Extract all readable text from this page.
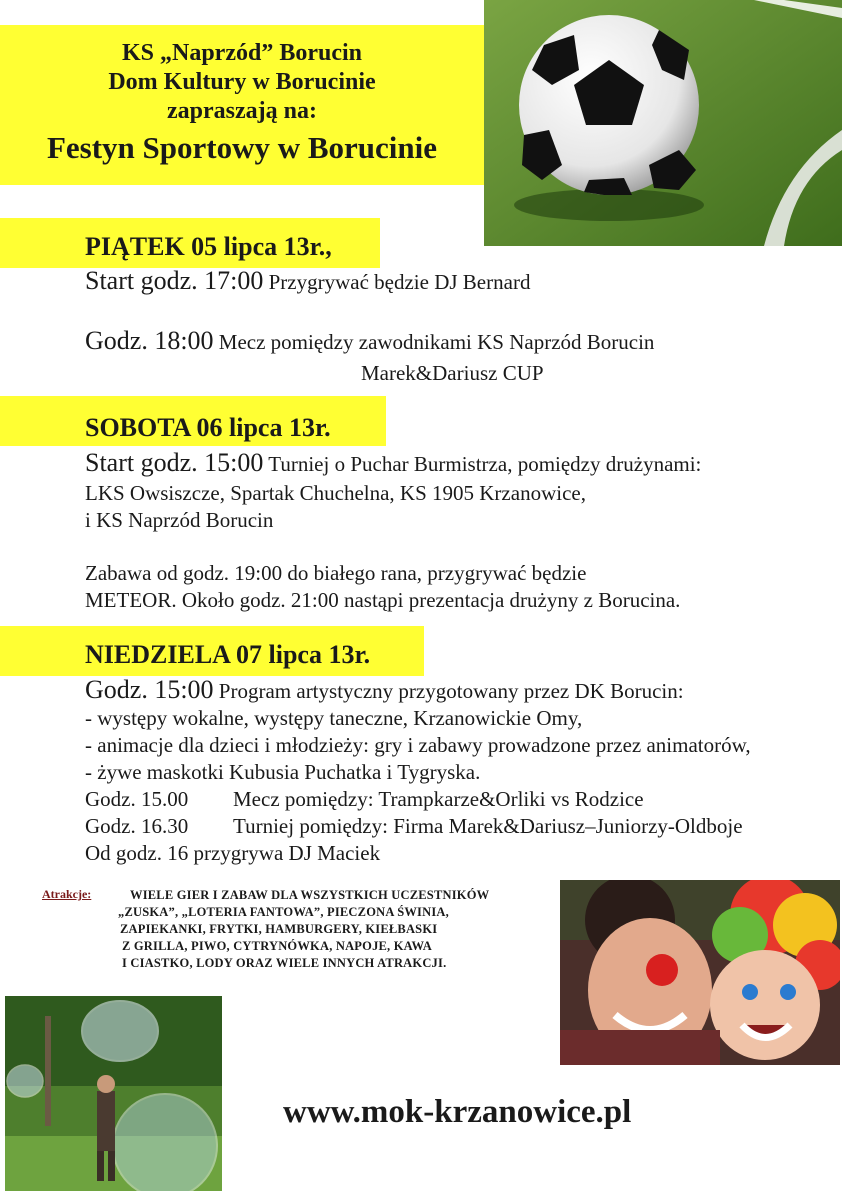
KS „Naprzód” Borucin
Dom Kultury w Borucinie
zapraszają na:
Festyn Sportowy w Borucinie
PIĄTEK 05 lipca 13r.,
Start godz. 17:00 Przygrywać będzie DJ Bernard
Godz. 18:00 Mecz pomiędzy zawodnikami KS Naprzód Borucin
Marek&Dariusz CUP
SOBOTA 06 lipca 13r.
Start godz. 15:00 Turniej o Puchar Burmistrza, pomiędzy drużynami:
LKS Owsiszcze, Spartak Chuchelna, KS 1905 Krzanowice,
i KS Naprzód Borucin
Zabawa od godz. 19:00 do białego rana, przygrywać będzie
METEOR. Około godz. 21:00 nastąpi prezentacja drużyny z Borucina.
NIEDZIELA 07 lipca 13r.
Godz. 15:00 Program artystyczny przygotowany przez DK Borucin:
- występy wokalne, występy taneczne, Krzanowickie Omy,
- animacje dla dzieci i młodzieży: gry i zabawy prowadzone przez animatorów,
- żywe maskotki Kubusia Puchatka i Tygryska.
Godz. 15.00 Mecz pomiędzy: Trampkarze&Orliki vs Rodzice
Godz. 16.30 Turniej pomiędzy: Firma Marek&Dariusz–Juniorzy-Oldboje
Od godz. 16 przygrywa DJ Maciek
Atrakcje:	WIELE GIER I ZABAW DLA WSZYSTKICH UCZESTNIKÓW
„ZUSKA”, „LOTERIA FANTOWA”, PIECZONA ŚWINIA,
ZAPIEKANKI, FRYTKI, HAMBURGERY, KIEŁBASKI
Z GRILLA, PIWO, CYTRYNÓWKA, NAPOJE, KAWA
I CIASTKO, LODY ORAZ WIELE INNYCH ATRAKCJI.
www.mok-krzanowice.pl
